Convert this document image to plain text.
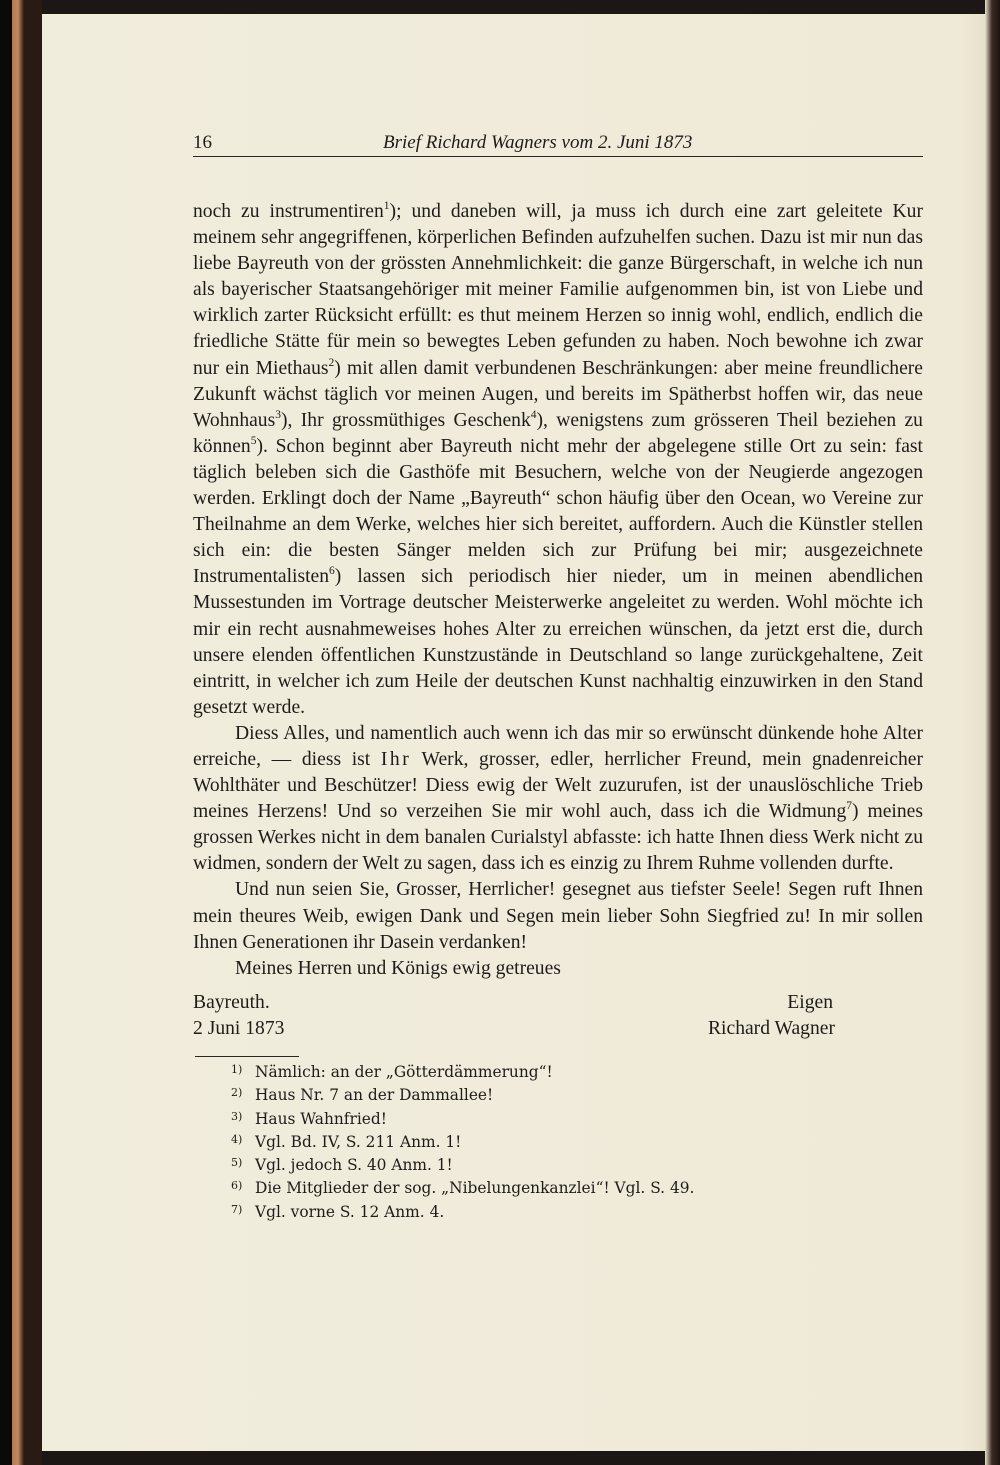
16	Brief Richard Wagners vom 2. Juni 1873

noch zu instrumentiren$^1$); und daneben will, ja muss ich durch eine zart geleitete Kur meinem sehr angegriffenen, körperlichen Befinden aufzuhelfen suchen. Dazu ist mir nun das liebe Bayreuth von der grössten Annehmlichkeit: die ganze Bürgerschaft, in welche ich nun als bayerischer Staatsangehöriger mit meiner Familie aufgenommen bin, ist von Liebe und wirklich zarter Rücksicht erfüllt: es thut meinem Herzen so innig wohl, endlich, endlich die friedliche Stätte für mein so bewegtes Leben gefunden zu haben. Noch bewohne ich zwar nur ein Miethaus$^2$) mit allen damit verbundenen Beschränkungen: aber meine freundlichere Zukunft wächst täglich vor meinen Augen, und bereits im Spätherbst hoffen wir, das neue Wohnhaus$^3$), Ihr grossmüthiges Geschenk$^4$), wenigstens zum grösseren Theil beziehen zu können$^5$). Schon beginnt aber Bayreuth nicht mehr der abgelegene stille Ort zu sein: fast täglich beleben sich die Gasthöfe mit Besuchern, welche von der Neugierde angezogen werden. Erklingt doch der Name „Bayreuth“ schon häufig über den Ocean, wo Vereine zur Theilnahme an dem Werke, welches hier sich bereitet, auffordern. Auch die Künstler stellen sich ein: die besten Sänger melden sich zur Prüfung bei mir; ausgezeichnete Instrumentalisten$^6$) lassen sich periodisch hier nieder, um in meinen abendlichen Mussestunden im Vortrage deutscher Meisterwerke angeleitet zu werden. Wohl möchte ich mir ein recht ausnahmeweises hohes Alter zu erreichen wünschen, da jetzt erst die, durch unsere elenden öffentlichen Kunstzustände in Deutschland so lange zurückgehaltene, Zeit eintritt, in welcher ich zum Heile der deutschen Kunst nachhaltig einzuwirken in den Stand gesetzt werde.

Diess Alles, und namentlich auch wenn ich das mir so erwünscht dünkende hohe Alter erreiche, — diess ist Ihr Werk, grosser, edler, herrlicher Freund, mein gnadenreicher Wohlthäter und Beschützer! Diess ewig der Welt zuzurufen, ist der unauslöschliche Trieb meines Herzens! Und so verzeihen Sie mir wohl auch, dass ich die Widmung$^7$) meines grossen Werkes nicht in dem banalen Curialstyl abfasste: ich hatte Ihnen diess Werk nicht zu widmen, sondern der Welt zu sagen, dass ich es einzig zu Ihrem Ruhme vollenden durfte.

Und nun seien Sie, Grosser, Herrlicher! gesegnet aus tiefster Seele! Segen ruft Ihnen mein theures Weib, ewigen Dank und Segen mein lieber Sohn Siegfried zu! In mir sollen Ihnen Generationen ihr Dasein verdanken!

Meines Herren und Königs ewig getreues

Bayreuth.	Eigen
2 Juni 1873	Richard Wagner
1) Nämlich: an der „Götterdämmerung“!
2) Haus Nr. 7 an der Dammallee!
3) Haus Wahnfried!
4) Vgl. Bd. IV, S. 211 Anm. 1!
5) Vgl. jedoch S. 40 Anm. 1!
6) Die Mitglieder der sog. „Nibelungenkanzlei“! Vgl. S. 49.
7) Vgl. vorne S. 12 Anm. 4.
